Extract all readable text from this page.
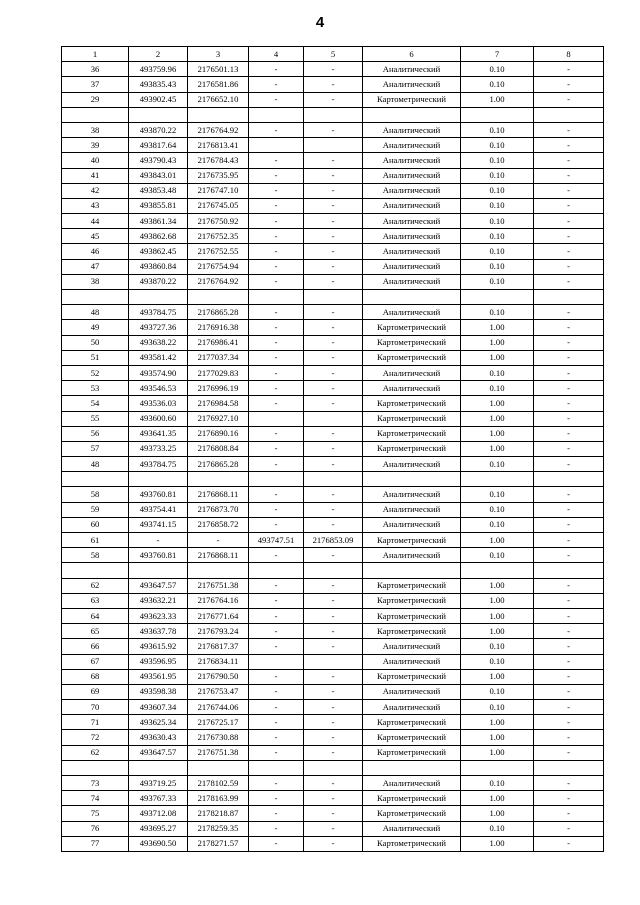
4
1	2	3	4	5	6	7	8
36	493759.96	2176501.13	-	-	Аналитический	0.10	-
37	493835.43	2176581.86	-	-	Аналитический	0.10	-
29	493902.45	2176652.10	-	-	Картометрический	1.00	-

38	493870.22	2176764.92	-	-	Аналитический	0.10	-
39	493817.64	2176813.41			Аналитический	0.10	-
40	493790.43	2176784.43	-	-	Аналитический	0.10	-
41	493843.01	2176735.95	-	-	Аналитический	0.10	-
42	493853.48	2176747.10	-	-	Аналитический	0.10	-
43	493855.81	2176745.05	-	-	Аналитический	0.10	-
44	493861.34	2176750.92	-	-	Аналитический	0.10	-
45	493862.68	2176752.35	-	-	Аналитический	0.10	-
46	493862.45	2176752.55	-	-	Аналитический	0.10	-
47	493860.84	2176754.94	-	-	Аналитический	0.10	-
38	493870.22	2176764.92	-	-	Аналитический	0.10	-

48	493784.75	2176865.28	-	-	Аналитический	0.10	-
49	493727.36	2176916.38	-	-	Картометрический	1.00	-
50	493638.22	2176986.41	-	-	Картометрический	1.00	-
51	493581.42	2177037.34	-	-	Картометрический	1.00	-
52	493574.90	2177029.83	-	-	Аналитический	0.10	-
53	493546.53	2176996.19	-	-	Аналитический	0.10	-
54	493536.03	2176984.58	-	-	Картометрический	1.00	-
55	493600.60	2176927.10			Картометрический	1.00	-
56	493641.35	2176890.16	-	-	Картометрический	1.00	-
57	493733.25	2176808.84	-	-	Картометрический	1.00	-
48	493784.75	2176865.28	-	-	Аналитический	0.10	-

58	493760.81	2176868.11	-	-	Аналитический	0.10	-
59	493754.41	2176873.70	-	-	Аналитический	0.10	-
60	493741.15	2176858.72	-	-	Аналитический	0.10	-
61	-	-	493747.51	2176853.09	Картометрический	1.00	-
58	493760.81	2176868.11	-	-	Аналитический	0.10	-

62	493647.57	2176751.38	-	-	Картометрический	1.00	-
63	493632.21	2176764.16	-	-	Картометрический	1.00	-
64	493623.33	2176771.64	-	-	Картометрический	1.00	-
65	493637.78	2176793.24	-	-	Картометрический	1.00	-
66	493615.92	2176817.37	-	-	Аналитический	0.10	-
67	493596.95	2176834.11			Аналитический	0.10	-
68	493561.95	2176790.50	-	-	Картометрический	1.00	-
69	493598.38	2176753.47	-	-	Аналитический	0.10	-
70	493607.34	2176744.06	-	-	Аналитический	0.10	-
71	493625.34	2176725.17	-	-	Картометрический	1.00	-
72	493630.43	2176730.88	-	-	Картометрический	1.00	-
62	493647.57	2176751.38	-	-	Картометрический	1.00	-

73	493719.25	2178102.59	-	-	Аналитический	0.10	-
74	493767.33	2178163.99	-	-	Картометрический	1.00	-
75	493712.08	2178218.87	-	-	Картометрический	1.00	-
76	493695.27	2178259.35	-	-	Аналитический	0.10	-
77	493690.50	2178271.57	-	-	Картометрический	1.00	-
